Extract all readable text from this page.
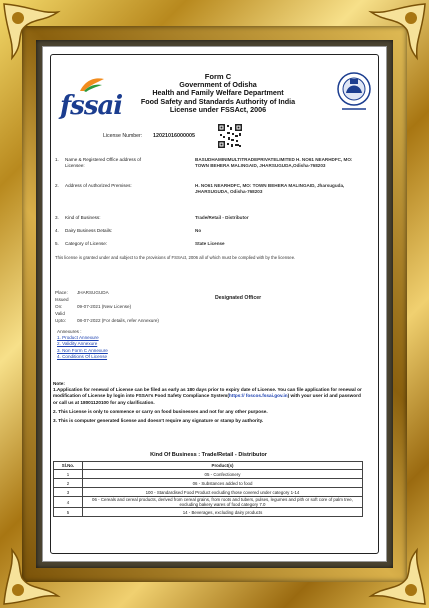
fssai
Form C
Government of Odisha
Health and Family Welfare Department
Food Safety and Standards Authority of India
License under FSSAct, 2006
License Number: 12021016000005
1. Name & Registered Office address of Licensee:
BASUDHAMINIMULTITRADEPRIVATELIMITED H. NO61 NEARHDFC, MO: TOWN BEHERA MALINGAID, JHARSUGUDA,Odisha-768203
2. Address of Authorized Premises:	H. NO61 NEARHDFC, MO: TOWN BEHERA MALINGAID, Jharsuguda, JHARSUGUDA, Odisha-768203
3. Kind of Business:	Trade/Retail - Distributor
4. Dairy Business Details:	No
5. Category of License:	State License
This license is granted under and subject to the provisions of FSSAct, 2006 all of which must be complied with by the licensee.
Place: JHARSUGUDA
Issued On:	09-07-2021 (New License)
Valid Upto: 08-07-2022 (For details, refer Annexure)
Designated Officer
Annexures :
1. Product Annexure
2. Validity Annexure
3. Non Form C Annexure
4. Conditions Of License
Note:
1.Application for renewal of License can be filed as early as 180 days prior to expiry date of License. You can file application for renewal or modification of License by login into FSSAI's Food Safety Compliance System(https:// foscos.fssai.gov.in) with your user id and password or call us at 18001120100 for any clarification.
2. This License is only to commence or carry on food businesses and not for any other purpose.
3. This is computer generated license and doesn't require any signature or stamp by authority.
Kind Of Business : Trade/Retail - Distributor
Sl.No.	Product(s)
1	05 - Confectionery
2	06 - Substances added to food
3	100 - Standardised Food Product excluding those covered under category 1-14
4	06 - Cereals and cereal products, derived from cereal grains, from roots and tubers, pulses, legumes and pith or soft core of palm tree, excluding bakery wares of food category 7.0
5	14 - Beverages, excluding dairy products
